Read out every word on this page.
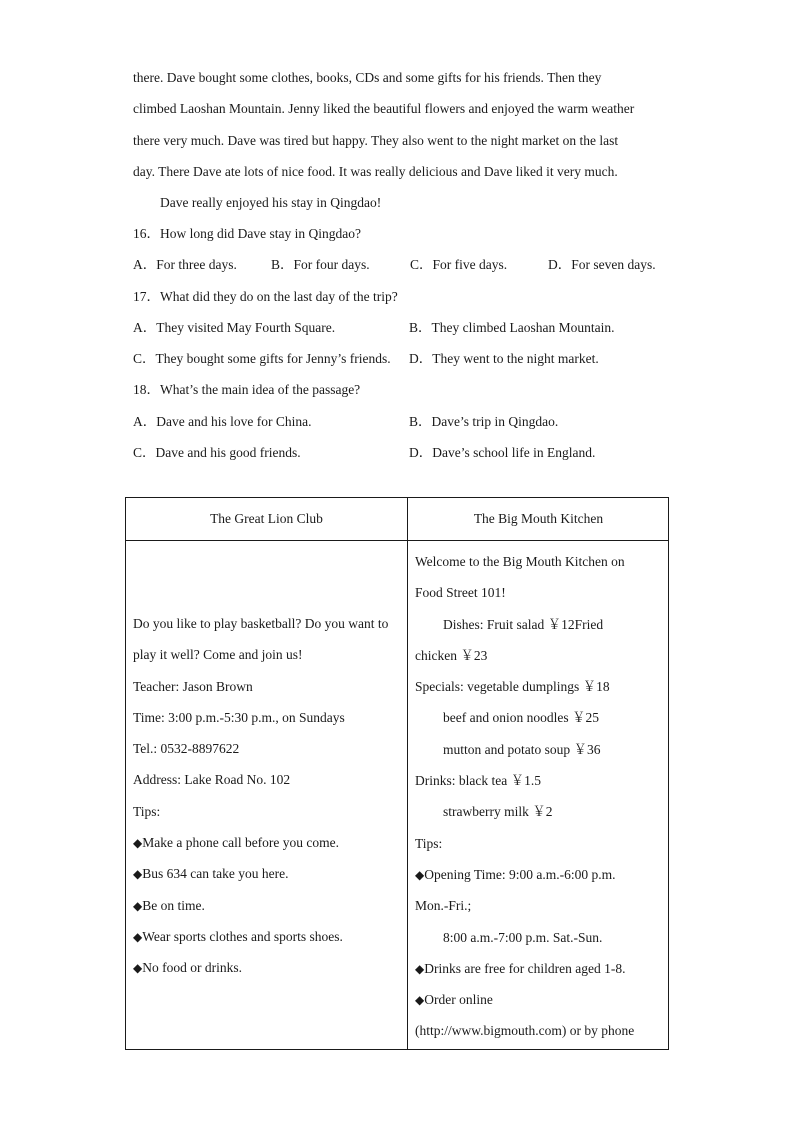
there. Dave bought some clothes, books, CDs and some gifts for his friends. Then they
climbed Laoshan Mountain. Jenny liked the beautiful flowers and enjoyed the warm weather
there very much. Dave was tired but happy. They also went to the night market on the last
day. There Dave ate lots of nice food. It was really delicious and Dave liked it very much.
Dave really enjoyed his stay in Qingdao!
16．How long did Dave stay in Qingdao?
A．For three days.	B．For four days.	C．For five days.	D．For seven days.
17．What did they do on the last day of the trip?
A．They visited May Fourth Square.	B．They climbed Laoshan Mountain.
C．They bought some gifts for Jenny’s friends. D．They went to the night market.
18．What’s the main idea of the passage?
A．Dave and his love for China.	B．Dave’s trip in Qingdao.
C．Dave and his good friends.	D．Dave’s school life in England.
The Great Lion Club	The Big Mouth Kitchen
Do you like to play basketball? Do you want to
play it well? Come and join us!
Teacher: Jason Brown
Time: 3:00 p.m.-5:30 p.m., on Sundays
Tel.: 0532-8897622
Address: Lake Road No. 102
Tips:
◆Make a phone call before you come.
◆Bus 634 can take you here.
◆Be on time.
◆Wear sports clothes and sports shoes.
◆No food or drinks.
Welcome to the Big Mouth Kitchen on
Food Street 101!
Dishes: Fruit salad ￥12Fried
chicken ￥23
Specials: vegetable dumplings ￥18
beef and onion noodles ￥25
mutton and potato soup ￥36
Drinks: black tea ￥1.5
strawberry milk ￥2
Tips:
◆Opening Time: 9:00 a.m.-6:00 p.m.
Mon.-Fri.;
8:00 a.m.-7:00 p.m. Sat.-Sun.
◆Drinks are free for children aged 1-8.
◆Order online
(http://www.bigmouth.com) or by phone
